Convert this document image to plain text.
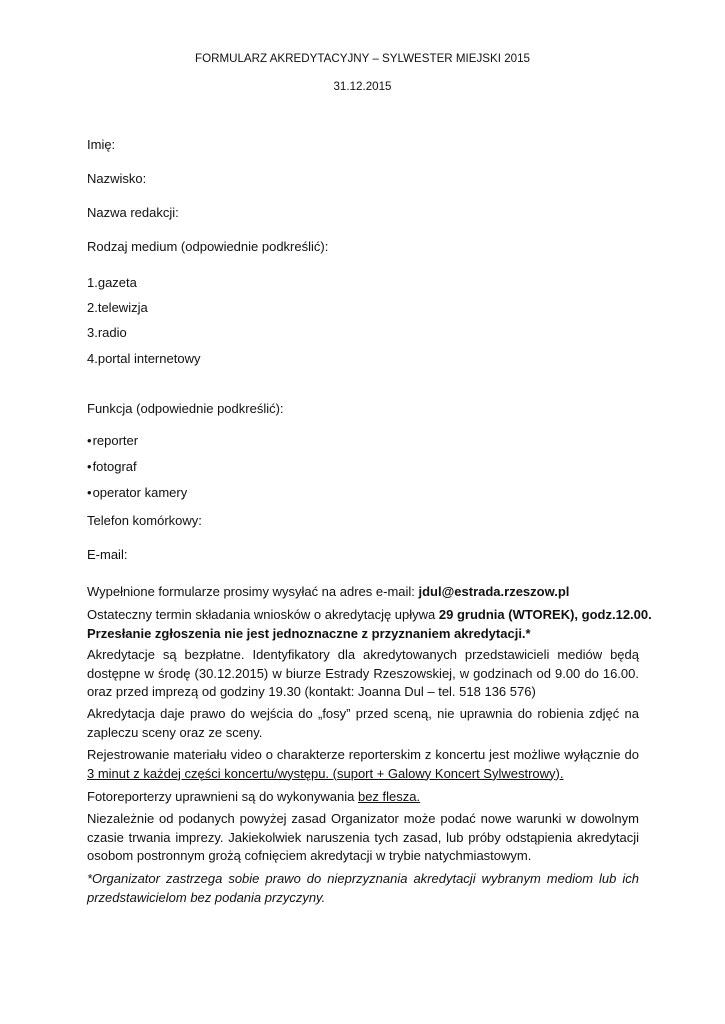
FORMULARZ AKREDYTACYJNY – SYLWESTER MIEJSKI 2015
31.12.2015
Imię:
Nazwisko:
Nazwa redakcji:
Rodzaj medium (odpowiednie podkreślić):
1.gazeta
2.telewizja
3.radio
4.portal internetowy
Funkcja (odpowiednie podkreślić):
•reporter
•fotograf
•operator kamery
Telefon komórkowy:
E-mail:
Wypełnione formularze prosimy wysyłać na adres e-mail: jdul@estrada.rzeszow.pl
Ostateczny termin składania wniosków o akredytację upływa 29 grudnia (WTOREK), godz.12.00.
Przesłanie zgłoszenia nie jest jednoznaczne z przyznaniem akredytacji.*
Akredytacje są bezpłatne. Identyfikatory dla akredytowanych przedstawicieli mediów będą
dostępne w środę (30.12.2015) w biurze Estrady Rzeszowskiej, w godzinach od 9.00 do 16.00.
oraz przed imprezą od godziny 19.30 (kontakt: Joanna Dul – tel. 518 136 576)
Akredytacja daje prawo do wejścia do „fosy” przed sceną, nie uprawnia do robienia zdjęć na
zapleczu sceny oraz ze sceny.
Rejestrowanie materiału video o charakterze reporterskim z koncertu jest możliwe wyłącznie do
3 minut z każdej części koncertu/występu. (suport + Galowy Koncert Sylwestrowy).
Fotoreporterzy uprawnieni są do wykonywania bez flesza.
Niezależnie od podanych powyżej zasad Organizator może podać nowe warunki w dowolnym
czasie trwania imprezy. Jakiekolwiek naruszenia tych zasad, lub próby odstąpienia akredytacji
osobom postronnym grożą cofnięciem akredytacji w trybie natychmiastowym.
*Organizator zastrzega sobie prawo do nieprzyznania akredytacji wybranym mediom lub ich
przedstawicielom bez podania przyczyny.
